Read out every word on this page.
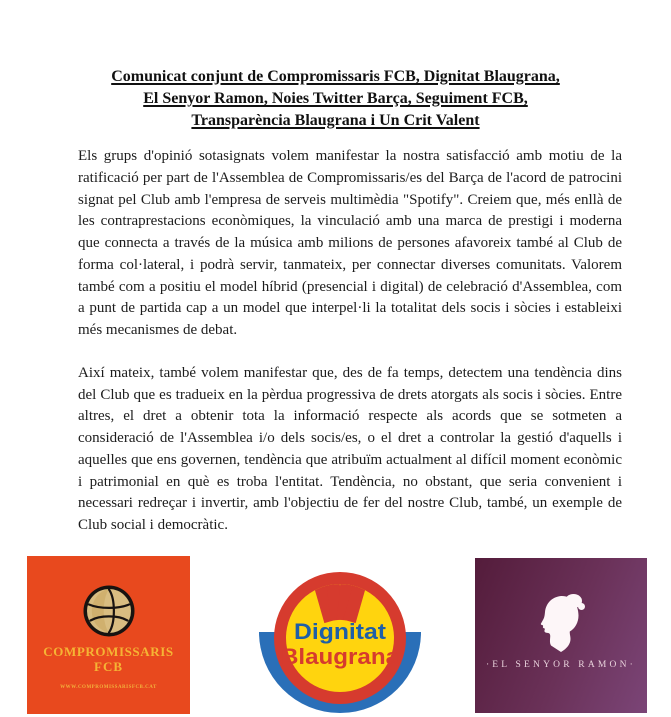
Comunicat conjunt de Compromissaris FCB, Dignitat Blaugrana,
El Senyor Ramon, Noies Twitter Barça, Seguiment FCB,
Transparència Blaugrana i Un Crit Valent

Els grups d'opinió sotasignats volem manifestar la nostra satisfacció amb motiu de la ratificació per part de l'Assemblea de Compromissaris/es del Barça de l'acord de patrocini signat pel Club amb l'empresa de serveis multimèdia "Spotify". Creiem que, més enllà de les contraprestacions econòmiques, la vinculació amb una marca de prestigi i moderna que connecta a través de la música amb milions de persones afavoreix també al Club de forma col·lateral, i podrà servir, tanmateix, per connectar diverses comunitats. Valorem també com a positiu el model híbrid (presencial i digital) de celebració d'Assemblea, com a punt de partida cap a un model que interpel·li la totalitat dels socis i sòcies i estableixi més mecanismes de debat.

Així mateix, també volem manifestar que, des de fa temps, detectem una tendència dins del Club que es tradueix en la pèrdua progressiva de drets atorgats als socis i sòcies. Entre altres, el dret a obtenir tota la informació respecte als acords que se sotmeten a consideració de l'Assemblea i/o dels socis/es, o el dret a controlar la gestió d'aquells i aquelles que ens governen, tendència que atribuïm actualment al difícil moment econòmic i patrimonial en què es troba l'entitat. Tendència, no obstant, que seria convenient i necessari redreçar i invertir, amb l'objectiu de fer del nostre Club, també, un exemple de Club social i democràtic.

COMPROMISSARIS
FCB
WWW.COMPROMISSARISFCB.CAT
Dignitat
Blaugrana	·EL SENYOR RAMON·
